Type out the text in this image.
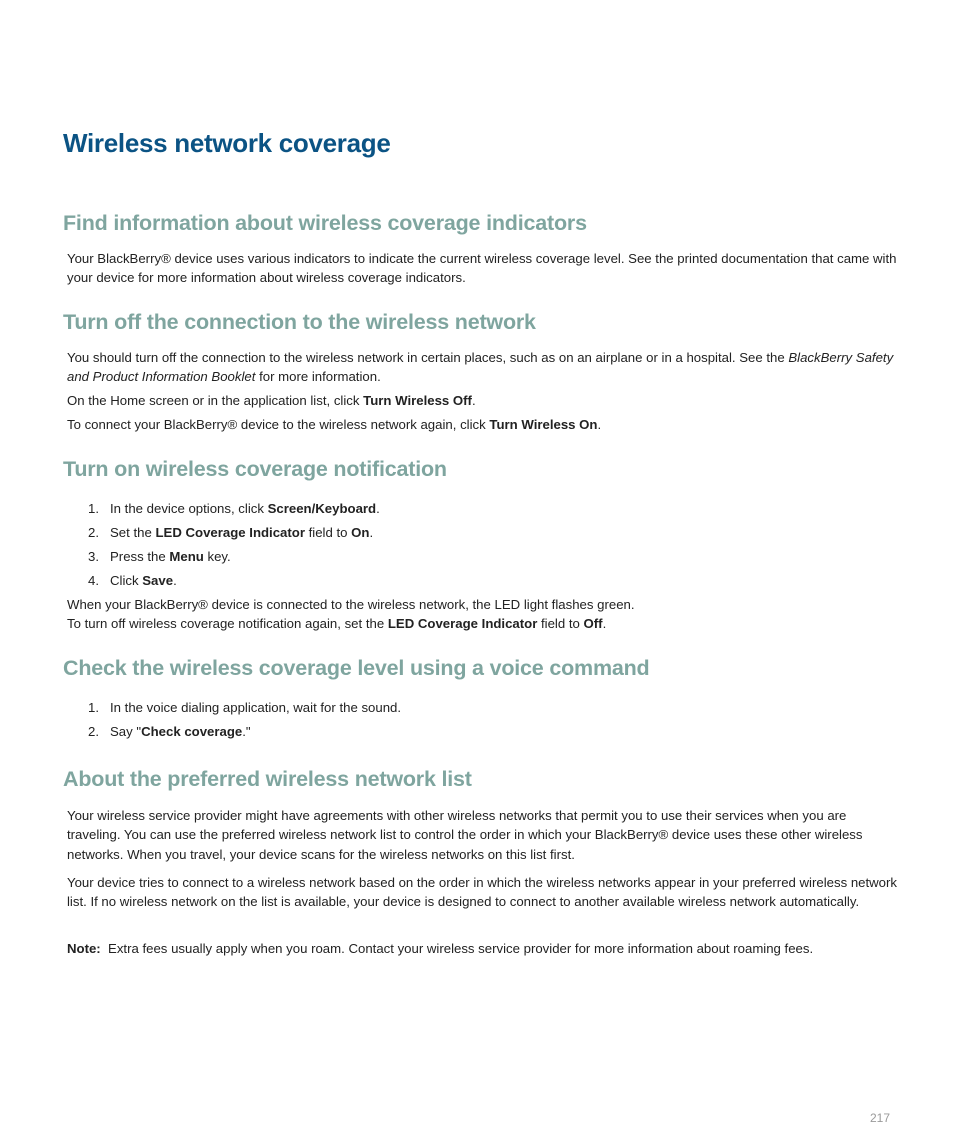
Wireless network coverage
Find information about wireless coverage indicators

Your BlackBerry® device uses various indicators to indicate the current wireless coverage level. See the printed documentation that came with your device for more information about wireless coverage indicators.

Turn off the connection to the wireless network

You should turn off the connection to the wireless network in certain places, such as on an airplane or in a hospital. See the BlackBerry Safety and Product Information Booklet for more information.

On the Home screen or in the application list, click Turn Wireless Off.

To connect your BlackBerry® device to the wireless network again, click Turn Wireless On.

Turn on wireless coverage notification

1. In the device options, click Screen/Keyboard.

2. Set the LED Coverage Indicator field to On.

3. Press the Menu key.

4. Click Save.

When your BlackBerry® device is connected to the wireless network, the LED light flashes green.

To turn off wireless coverage notification again, set the LED Coverage Indicator field to Off.

Check the wireless coverage level using a voice command

1. In the voice dialing application, wait for the sound.

2. Say "Check coverage."

About the preferred wireless network list

Your wireless service provider might have agreements with other wireless networks that permit you to use their services when you are traveling. You can use the preferred wireless network list to control the order in which your BlackBerry® device uses these other wireless networks. When you travel, your device scans for the wireless networks on this list first.

Your device tries to connect to a wireless network based on the order in which the wireless networks appear in your preferred wireless network list. If no wireless network on the list is available, your device is designed to connect to another available wireless network automatically.

Note: Extra fees usually apply when you roam. Contact your wireless service provider for more information about roaming fees.

217
